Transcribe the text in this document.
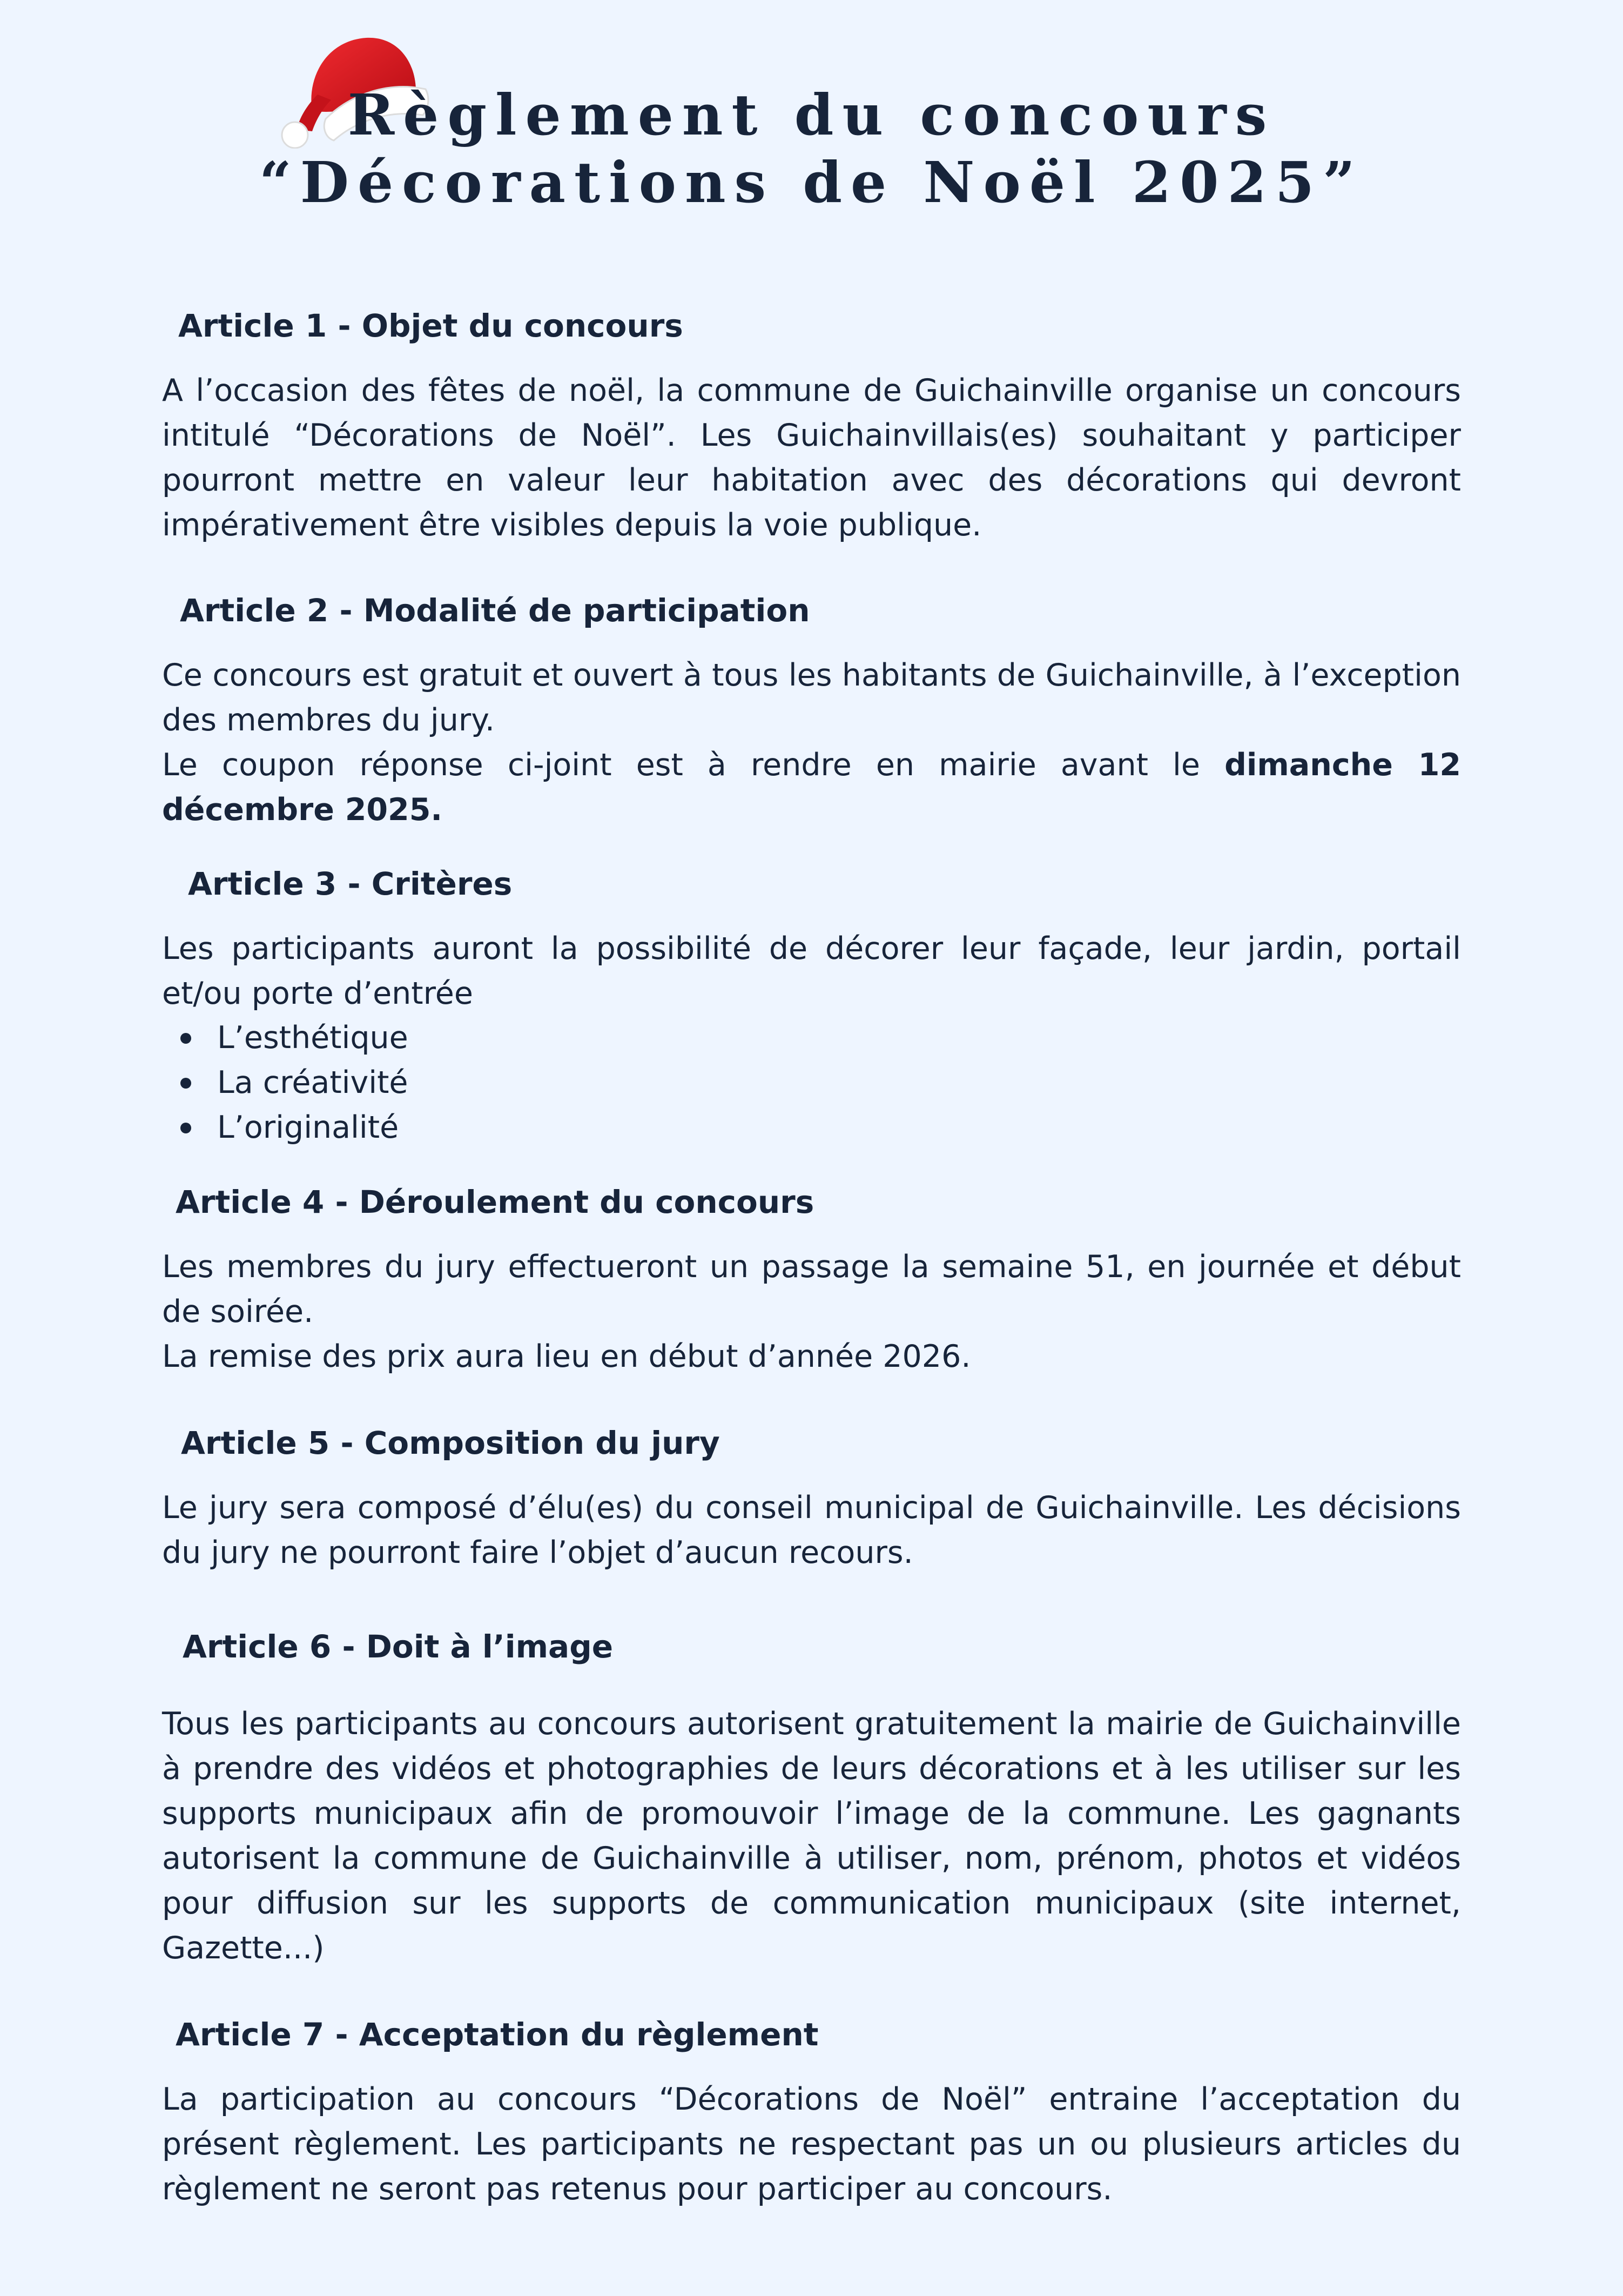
Règlement du concours
“Décorations de Noël 2025”
Article 1 - Objet du concours

A l’occasion des fêtes de noël, la commune de Guichainville organise un concours intitulé “Décorations de Noël”. Les Guichainvillais(es) souhaitant y participer pourront mettre en valeur leur habitation avec des décorations qui devront impérativement être visibles depuis la voie publique.

Article 2 - Modalité de participation

Ce concours est gratuit et ouvert à tous les habitants de Guichainville, à l’exception des membres du jury.

Le coupon réponse ci-joint est à rendre en mairie avant le dimanche 12 décembre 2025.

Article 3 - Critères

Les participants auront la possibilité de décorer leur façade, leur jardin, portail et/ou porte d’entrée

L’esthétique
La créativité
L’originalité
Article 4 - Déroulement du concours

Les membres du jury effectueront un passage la semaine 51, en journée et début de soirée.

La remise des prix aura lieu en début d’année 2026.

Article 5 - Composition du jury

Le jury sera composé d’élu(es) du conseil municipal de Guichainville. Les décisions du jury ne pourront faire l’objet d’aucun recours.

Article 6 - Doit à l’image

Tous les participants au concours autorisent gratuitement la mairie de Guichainville à prendre des vidéos et photographies de leurs décorations et à les utiliser sur les supports municipaux afin de promouvoir l’image de la commune. Les gagnants autorisent la commune de Guichainville à utiliser, nom, prénom, photos et vidéos pour diffusion sur les supports de communication municipaux (site internet, Gazette...)

Article 7 - Acceptation du règlement

La participation au concours “Décorations de Noël” entraine l’acceptation du présent règlement. Les participants ne respectant pas un ou plusieurs articles du règlement ne seront pas retenus pour participer au concours.
